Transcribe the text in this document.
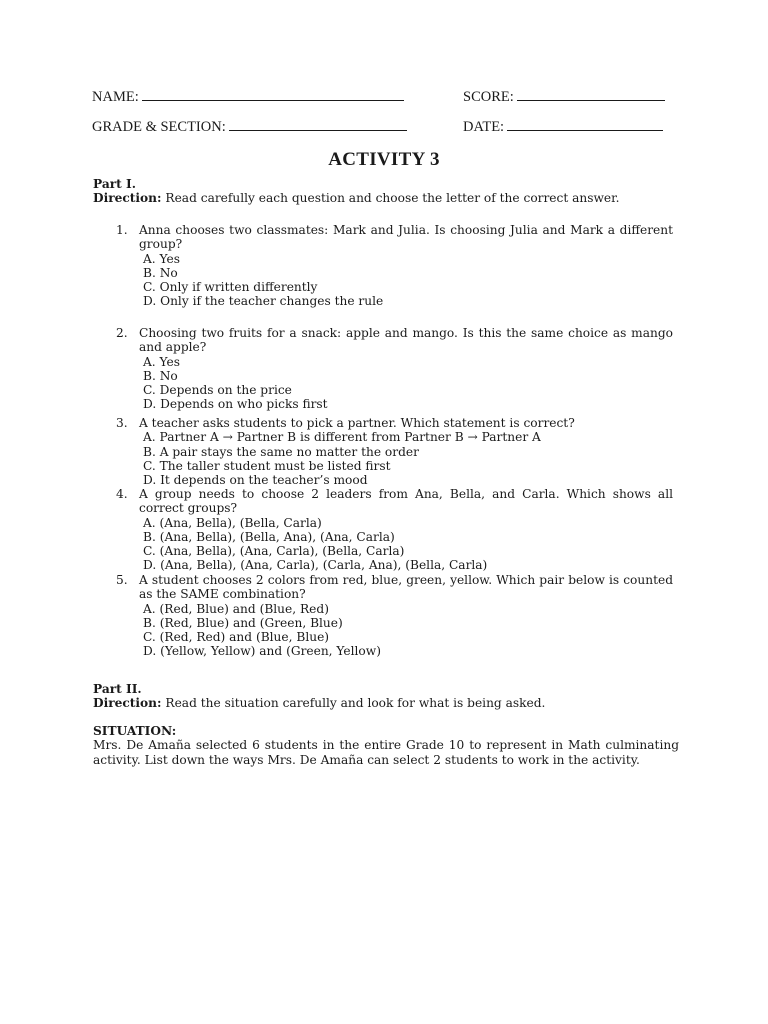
NAME:	SCORE:
GRADE & SECTION:	DATE:
ACTIVITY 3
Part I.
Direction: Read carefully each question and choose the letter of the correct answer.
1. Anna chooses two classmates: Mark and Julia. Is choosing Julia and Mark a different group?
A. Yes
B. No
C. Only if written differently
D. Only if the teacher changes the rule
2. Choosing two fruits for a snack: apple and mango. Is this the same choice as mango and apple?
A. Yes
B. No
C. Depends on the price
D. Depends on who picks first
3. A teacher asks students to pick a partner. Which statement is correct?
A. Partner A → Partner B is different from Partner B → Partner A
B. A pair stays the same no matter the order
C. The taller student must be listed first
D. It depends on the teacher’s mood
4. A group needs to choose 2 leaders from Ana, Bella, and Carla. Which shows all correct groups?
A. (Ana, Bella), (Bella, Carla)
B. (Ana, Bella), (Bella, Ana), (Ana, Carla)
C. (Ana, Bella), (Ana, Carla), (Bella, Carla)
D. (Ana, Bella), (Ana, Carla), (Carla, Ana), (Bella, Carla)
5. A student chooses 2 colors from red, blue, green, yellow. Which pair below is counted as the SAME combination?
A. (Red, Blue) and (Blue, Red)
B. (Red, Blue) and (Green, Blue)
C. (Red, Red) and (Blue, Blue)
D. (Yellow, Yellow) and (Green, Yellow)
Part II.
Direction: Read the situation carefully and look for what is being asked.
SITUATION:
Mrs. De Amaña selected 6 students in the entire Grade 10 to represent in Math culminating activity. List down the ways Mrs. De Amaña can select 2 students to work in the activity.
